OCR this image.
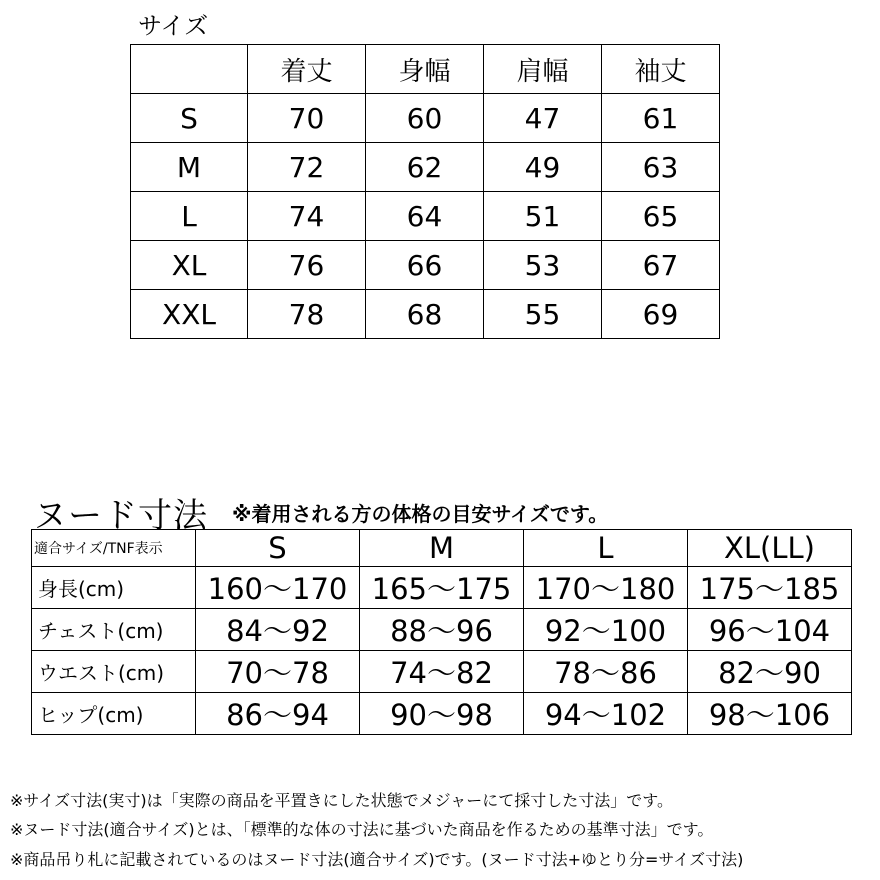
サイズ
	着丈	身幅	肩幅	袖丈
S	70	60	47	61
M	72	62	49	63
L	74	64	51	65
XL	76	66	53	67
XXL	78	68	55	69
ヌード寸法 ※着用される方の体格の目安サイズです。
適合サイズ/TNF表示	S	M	L	XL(LL)
身長(cm)	160〜170	165〜175	170〜180	175〜185
チェスト(cm)	84〜92	88〜96	92〜100	96〜104
ウエスト(cm)	70〜78	74〜82	78〜86	82〜90
ヒップ(cm)	86〜94	90〜98	94〜102	98〜106
※サイズ寸法(実寸)は「実際の商品を平置きにした状態でメジャーにて採寸した寸法」です。
※ヌード寸法(適合サイズ)とは、「標準的な体の寸法に基づいた商品を作るための基準寸法」です。
※商品吊り札に記載されているのはヌード寸法(適合サイズ)です。(ヌード寸法+ゆとり分=サイズ寸法)
